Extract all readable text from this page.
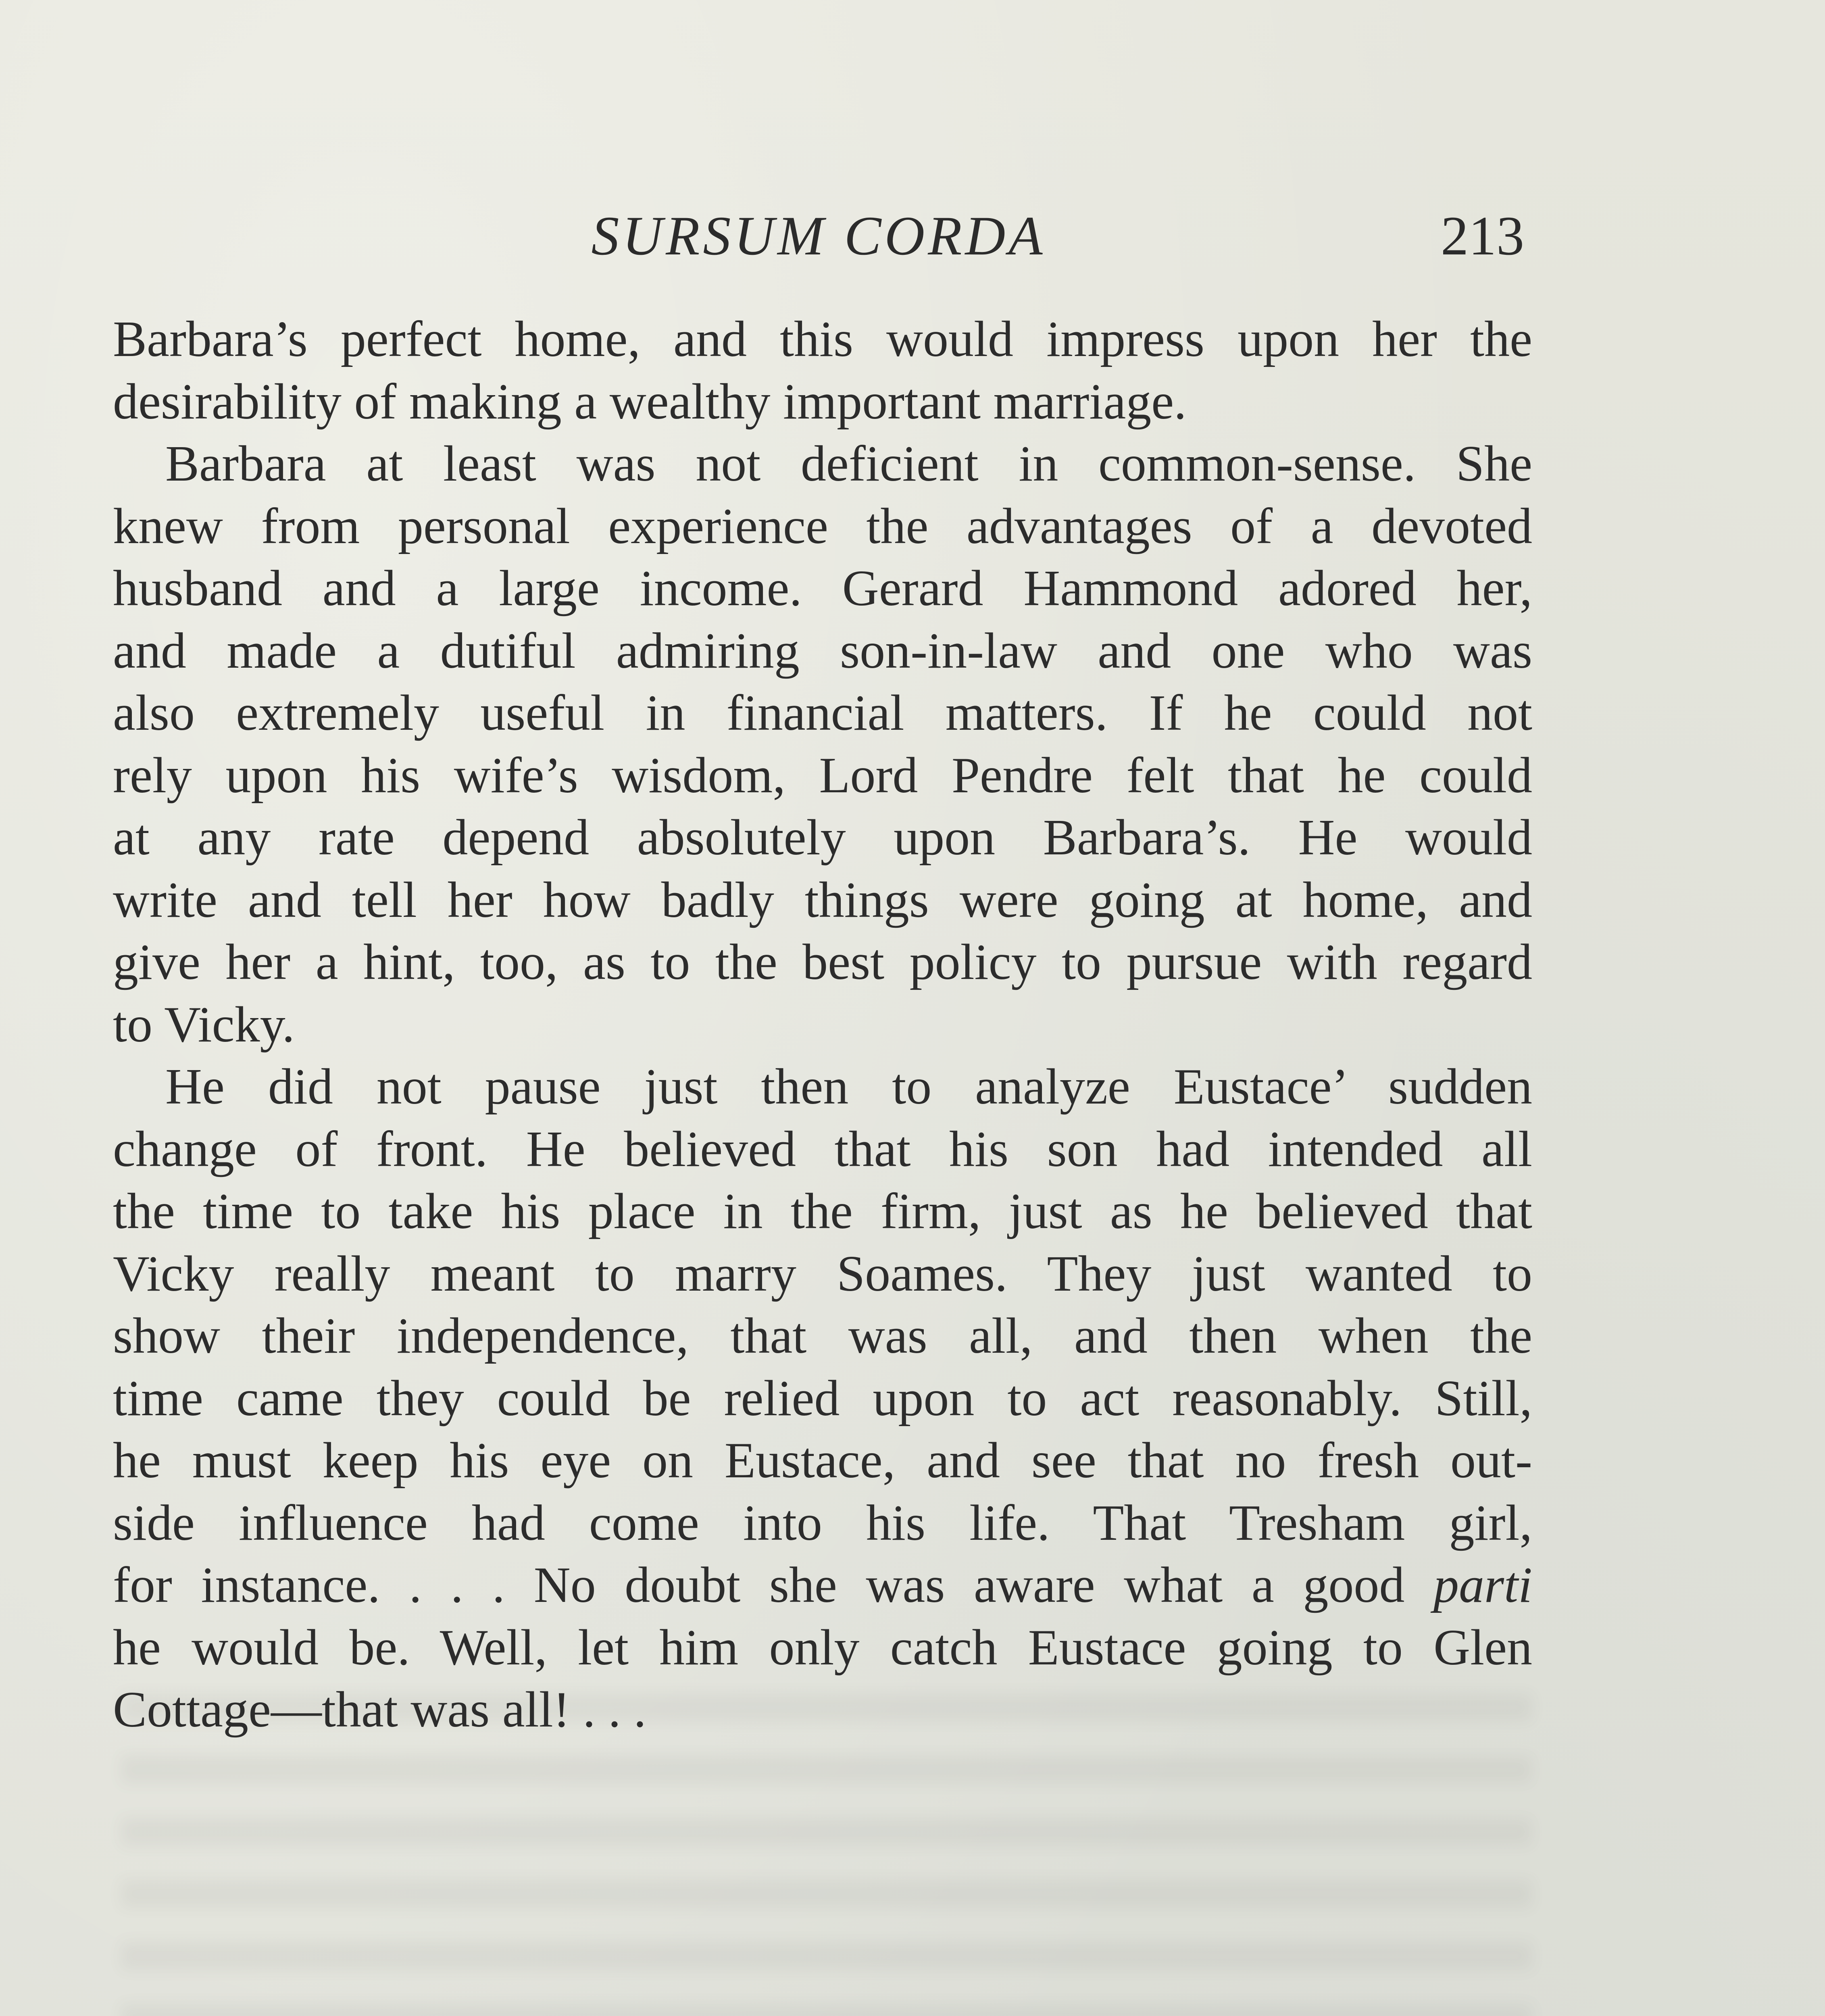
SURSUM CORDA	213

Barbara’s perfect home, and this would impress upon her the
desirability of making a wealthy important marriage.

Barbara at least was not deficient in common-sense. She
knew from personal experience the advantages of a devoted
husband and a large income. Gerard Hammond adored her,
and made a dutiful admiring son-in-law and one who was
also extremely useful in financial matters. If he could not
rely upon his wife’s wisdom, Lord Pendre felt that he could
at any rate depend absolutely upon Barbara’s. He would
write and tell her how badly things were going at home, and
give her a hint, too, as to the best policy to pursue with regard
to Vicky.

He did not pause just then to analyze Eustace’ sudden
change of front. He believed that his son had intended all
the time to take his place in the firm, just as he believed that
Vicky really meant to marry Soames. They just wanted to
show their independence, that was all, and then when the
time came they could be relied upon to act reasonably. Still,
he must keep his eye on Eustace, and see that no fresh out-
side influence had come into his life. That Tresham girl,
for instance. . . . No doubt she was aware what a good parti
he would be. Well, let him only catch Eustace going to Glen
Cottage—that was all! . . .
